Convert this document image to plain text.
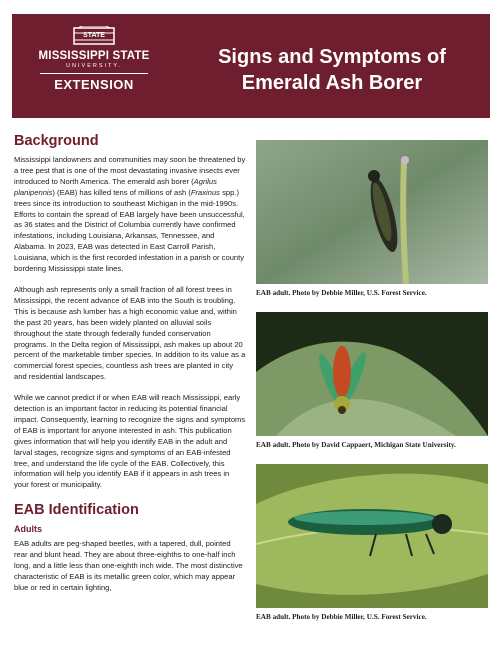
STATE
MISSISSIPPI STATE
UNIVERSITY.
EXTENSION
Signs and Symptoms of
Emerald Ash Borer
Background

Mississippi landowners and communities may soon be threatened by a tree pest that is one of the most devastating invasive insects ever introduced to North America. The emerald ash borer (Agrilus planipennis) (EAB) has killed tens of millions of ash (Fraxinus spp.) trees since its introduction to southeast Michigan in the mid-1990s. Efforts to contain the spread of EAB largely have been unsuccessful, as 36 states and the District of Columbia currently have confirmed infestations, including Louisiana, Arkansas, Tennessee, and Alabama. In 2023, EAB was detected in East Carroll Parish, Louisiana, which is the first recorded infestation in a parish or county bordering Mississippi state lines.

Although ash represents only a small fraction of all forest trees in Mississippi, the recent advance of EAB into the South is troubling. This is because ash lumber has a high economic value and, within the past 20 years, has been widely planted on alluvial soils throughout the state through federally funded conservation programs. In the Delta region of Mississippi, ash makes up about 20 percent of the marketable timber species. In addition to its value as a commercial forest species, countless ash trees are planted in city and residential landscapes.

While we cannot predict if or when EAB will reach Mississippi, early detection is an important factor in reducing its potential financial impact. Consequently, learning to recognize the signs and symptoms of EAB is important for anyone interested in ash. This publication gives information that will help you identify EAB in the adult and larval stages, recognize signs and symptoms of an EAB-infested tree, and understand the life cycle of the EAB. Collectively, this information will help you identify EAB if it appears in ash trees in your forest or municipality.

EAB Identification
Adults

EAB adults are peg-shaped beetles, with a tapered, dull, pointed rear and blunt head. They are about three-eighths to one-half inch long, and a little less than one-eighth inch wide. The most distinctive characteristic of EAB is its metallic green color, which may appear blue or red in certain lighting,

EAB adult. Photo by Debbie Miller, U.S. Forest Service.
EAB adult. Photo by David Cappaert, Michigan State University.
EAB adult. Photo by Debbie Miller, U.S. Forest Service.
